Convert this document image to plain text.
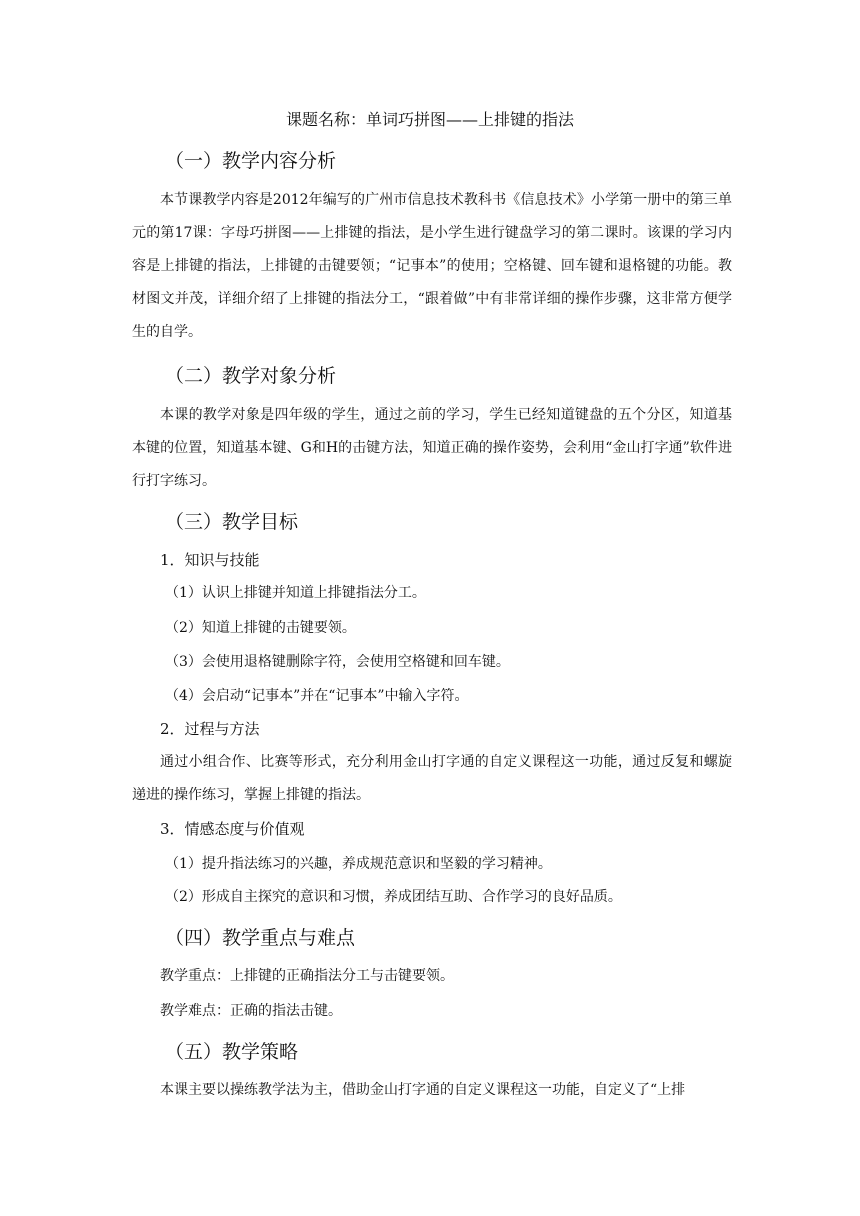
课题名称：单词巧拼图——上排键的指法
（一）教学内容分析

本节课教学内容是2012年编写的广州市信息技术教科书《信息技术》小学第一册中的第三单元的第17课：字母巧拼图——上排键的指法，是小学生进行键盘学习的第二课时。该课的学习内容是上排键的指法，上排键的击键要领；“记事本”的使用；空格键、回车键和退格键的功能。教材图文并茂，详细介绍了上排键的指法分工，“跟着做”中有非常详细的操作步骤，这非常方便学生的自学。

（二）教学对象分析

本课的教学对象是四年级的学生，通过之前的学习，学生已经知道键盘的五个分区，知道基本键的位置，知道基本键、G和H的击键方法，知道正确的操作姿势，会利用“金山打字通”软件进行打字练习。

（三）教学目标
1．知识与技能
（1）认识上排键并知道上排键指法分工。
（2）知道上排键的击键要领。
（3）会使用退格键删除字符，会使用空格键和回车键。
（4）会启动“记事本”并在“记事本”中输入字符。
2．过程与方法

通过小组合作、比赛等形式，充分利用金山打字通的自定义课程这一功能，通过反复和螺旋递进的操作练习，掌握上排键的指法。

3．情感态度与价值观
（1）提升指法练习的兴趣，养成规范意识和坚毅的学习精神。
（2）形成自主探究的意识和习惯，养成团结互助、合作学习的良好品质。
（四）教学重点与难点
教学重点：上排键的正确指法分工与击键要领。
教学难点：正确的指法击键。
（五）教学策略

本课主要以操练教学法为主，借助金山打字通的自定义课程这一功能，自定义了“上排
